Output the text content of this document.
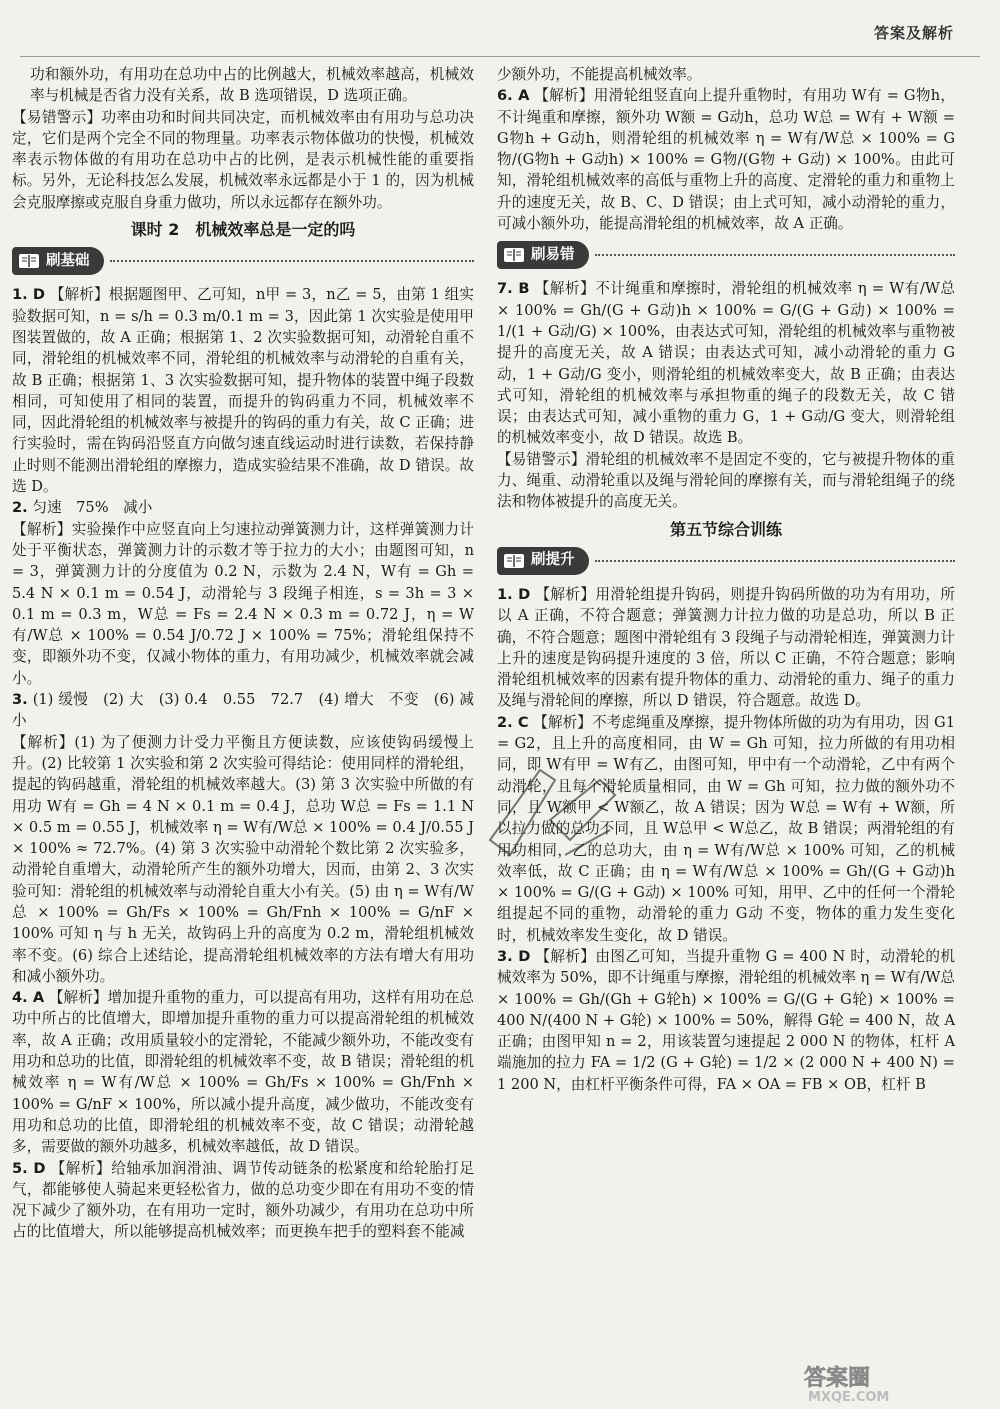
答案及解析

功和额外功，有用功在总功中占的比例越大，机械效率越高，机械效率与机械是否省力没有关系，故 B 选项错误，D 选项正确。

【易错警示】功率由功和时间共同决定，而机械效率由有用功与总功决定，它们是两个完全不同的物理量。功率表示物体做功的快慢，机械效率表示物体做的有用功在总功中占的比例，是表示机械性能的重要指标。另外，无论科技怎么发展，机械效率永远都是小于 1 的，因为机械会克服摩擦或克服自身重力做功，所以永远都存在额外功。

课时 2　机械效率总是一定的吗
刷基础

1. D 【解析】根据题图甲、乙可知，n甲 = 3，n乙 = 5，由第 1 组实验数据可知，n = s/h = 0.3 m/0.1 m = 3，因此第 1 次实验是使用甲图装置做的，故 A 正确；根据第 1、2 次实验数据可知，动滑轮自重不同，滑轮组的机械效率不同，滑轮组的机械效率与动滑轮的自重有关，故 B 正确；根据第 1、3 次实验数据可知，提升物体的装置中绳子段数相同，可知使用了相同的装置，而提升的钩码重力不同，机械效率不同，因此滑轮组的机械效率与被提升的钩码的重力有关，故 C 正确；进行实验时，需在钩码沿竖直方向做匀速直线运动时进行读数，若保持静止时则不能测出滑轮组的摩擦力，造成实验结果不准确，故 D 错误。故选 D。

2. 匀速　75%　减小

【解析】实验操作中应竖直向上匀速拉动弹簧测力计，这样弹簧测力计处于平衡状态，弹簧测力计的示数才等于拉力的大小；由题图可知，n = 3，弹簧测力计的分度值为 0.2 N，示数为 2.4 N，W有 = Gh = 5.4 N × 0.1 m = 0.54 J，动滑轮与 3 段绳子相连，s = 3h = 3 × 0.1 m = 0.3 m，W总 = Fs = 2.4 N × 0.3 m = 0.72 J，η = W有/W总 × 100% = 0.54 J/0.72 J × 100% = 75%；滑轮组保持不变，即额外功不变，仅减小物体的重力，有用功减少，机械效率就会减小。

3. (1) 缓慢　(2) 大　(3) 0.4　0.55　72.7　(4) 增大　不变　(6) 减小

【解析】(1) 为了便测力计受力平衡且方便读数，应该使钩码缓慢上升。(2) 比较第 1 次实验和第 2 次实验可得结论：使用同样的滑轮组，提起的钩码越重，滑轮组的机械效率越大。(3) 第 3 次实验中所做的有用功 W有 = Gh = 4 N × 0.1 m = 0.4 J，总功 W总 = Fs = 1.1 N × 0.5 m = 0.55 J，机械效率 η = W有/W总 × 100% = 0.4 J/0.55 J × 100% ≈ 72.7%。(4) 第 3 次实验中动滑轮个数比第 2 次实验多，动滑轮自重增大，动滑轮所产生的额外功增大，因而，由第 2、3 次实验可知：滑轮组的机械效率与动滑轮自重大小有关。(5) 由 η = W有/W总 × 100% = Gh/Fs × 100% = Gh/Fnh × 100% = G/nF × 100% 可知 η 与 h 无关，故钩码上升的高度为 0.2 m，滑轮组机械效率不变。(6) 综合上述结论，提高滑轮组机械效率的方法有增大有用功和减小额外功。

4. A 【解析】增加提升重物的重力，可以提高有用功，这样有用功在总功中所占的比值增大，即增加提升重物的重力可以提高滑轮组的机械效率，故 A 正确；改用质量较小的定滑轮，不能减少额外功，不能改变有用功和总功的比值，即滑轮组的机械效率不变，故 B 错误；滑轮组的机械效率 η = W有/W总 × 100% = Gh/Fs × 100% = Gh/Fnh × 100% = G/nF × 100%，所以减小提升高度，减少做功，不能改变有用功和总功的比值，即滑轮组的机械效率不变，故 C 错误；动滑轮越多，需要做的额外功越多，机械效率越低，故 D 错误。

5. D 【解析】给轴承加润滑油、调节传动链条的松紧度和给轮胎打足气，都能够使人骑起来更轻松省力，做的总功变少即在有用功不变的情况下减少了额外功，在有用功一定时，额外功减少，有用功在总功中所占的比值增大，所以能够提高机械效率；而更换车把手的塑料套不能减

少额外功，不能提高机械效率。

6. A 【解析】用滑轮组竖直向上提升重物时，有用功 W有 = G物h，不计绳重和摩擦，额外功 W额 = G动h，总功 W总 = W有 + W额 = G物h + G动h，则滑轮组的机械效率 η = W有/W总 × 100% = G物/(G物h + G动h) × 100% = G物/(G物 + G动) × 100%。由此可知，滑轮组机械效率的高低与重物上升的高度、定滑轮的重力和重物上升的速度无关，故 B、C、D 错误；由上式可知，减小动滑轮的重力，可减小额外功，能提高滑轮组的机械效率，故 A 正确。

刷易错

7. B 【解析】不计绳重和摩擦时，滑轮组的机械效率 η = W有/W总 × 100% = Gh/(G + G动)h × 100% = G/(G + G动) × 100% = 1/(1 + G动/G) × 100%，由表达式可知，滑轮组的机械效率与重物被提升的高度无关，故 A 错误；由表达式可知，减小动滑轮的重力 G动，1 + G动/G 变小，则滑轮组的机械效率变大，故 B 正确；由表达式可知，滑轮组的机械效率与承担物重的绳子的段数无关，故 C 错误；由表达式可知，减小重物的重力 G，1 + G动/G 变大，则滑轮组的机械效率变小，故 D 错误。故选 B。

【易错警示】滑轮组的机械效率不是固定不变的，它与被提升物体的重力、绳重、动滑轮重以及绳与滑轮间的摩擦有关，而与滑轮组绳子的绕法和物体被提升的高度无关。

第五节综合训练
刷提升

1. D 【解析】用滑轮组提升钩码，则提升钩码所做的功为有用功，所以 A 正确，不符合题意；弹簧测力计拉力做的功是总功，所以 B 正确，不符合题意；题图中滑轮组有 3 段绳子与动滑轮相连，弹簧测力计上升的速度是钩码提升速度的 3 倍，所以 C 正确，不符合题意；影响滑轮组机械效率的因素有提升物体的重力、动滑轮的重力、绳子的重力及绳与滑轮间的摩擦，所以 D 错误，符合题意。故选 D。

2. C 【解析】不考虑绳重及摩擦，提升物体所做的功为有用功，因 G1 = G2，且上升的高度相同，由 W = Gh 可知，拉力所做的有用功相同，即 W有甲 = W有乙，由图可知，甲中有一个动滑轮，乙中有两个动滑轮，且每个滑轮质量相同，由 W = Gh 可知，拉力做的额外功不同，且 W额甲 < W额乙，故 A 错误；因为 W总 = W有 + W额，所以拉力做的总功不同，且 W总甲 < W总乙，故 B 错误；两滑轮组的有用功相同，乙的总功大，由 η = W有/W总 × 100% 可知，乙的机械效率低，故 C 正确；由 η = W有/W总 × 100% = Gh/(G + G动)h × 100% = G/(G + G动) × 100% 可知，用甲、乙中的任何一个滑轮组提起不同的重物，动滑轮的重力 G动 不变，物体的重力发生变化时，机械效率发生变化，故 D 错误。

3. D 【解析】由图乙可知，当提升重物 G = 400 N 时，动滑轮的机械效率为 50%，即不计绳重与摩擦，滑轮组的机械效率 η = W有/W总 × 100% = Gh/(Gh + G轮h) × 100% = G/(G + G轮) × 100% = 400 N/(400 N + G轮) × 100% = 50%，解得 G轮 = 400 N，故 A 正确；由图甲知 n = 2，用该装置匀速提起 2 000 N 的物体，杠杆 A 端施加的拉力 FA = 1/2 (G + G轮) = 1/2 × (2 000 N + 400 N) = 1 200 N，由杠杆平衡条件可得，FA × OA = FB × OB，杠杆 B

答案圈
MXQE.COM
